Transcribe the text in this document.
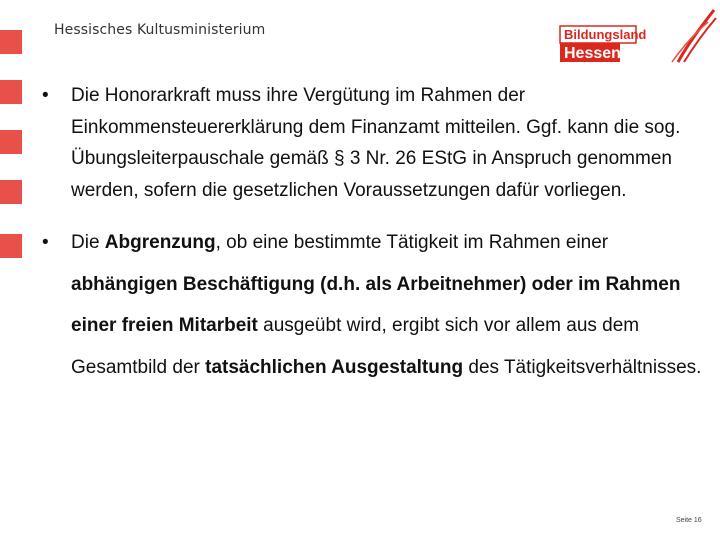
Hessisches Kultusministerium	Bildungsland
Hessen
• Die Honorarkraft muss ihre Vergütung im Rahmen der Einkommensteuererklärung dem Finanzamt mitteilen. Ggf. kann die sog. Übungsleiterpauschale gemäß § 3 Nr. 26 EStG in Anspruch genommen werden, sofern die gesetzlichen Voraussetzungen dafür vorliegen.
• Die Abgrenzung, ob eine bestimmte Tätigkeit im Rahmen einer abhängigen Beschäftigung (d.h. als Arbeitnehmer) oder im Rahmen einer freien Mitarbeit ausgeübt wird, ergibt sich vor allem aus dem Gesamtbild der tatsächlichen Ausgestaltung des Tätigkeitsverhältnisses.
Seite 16
